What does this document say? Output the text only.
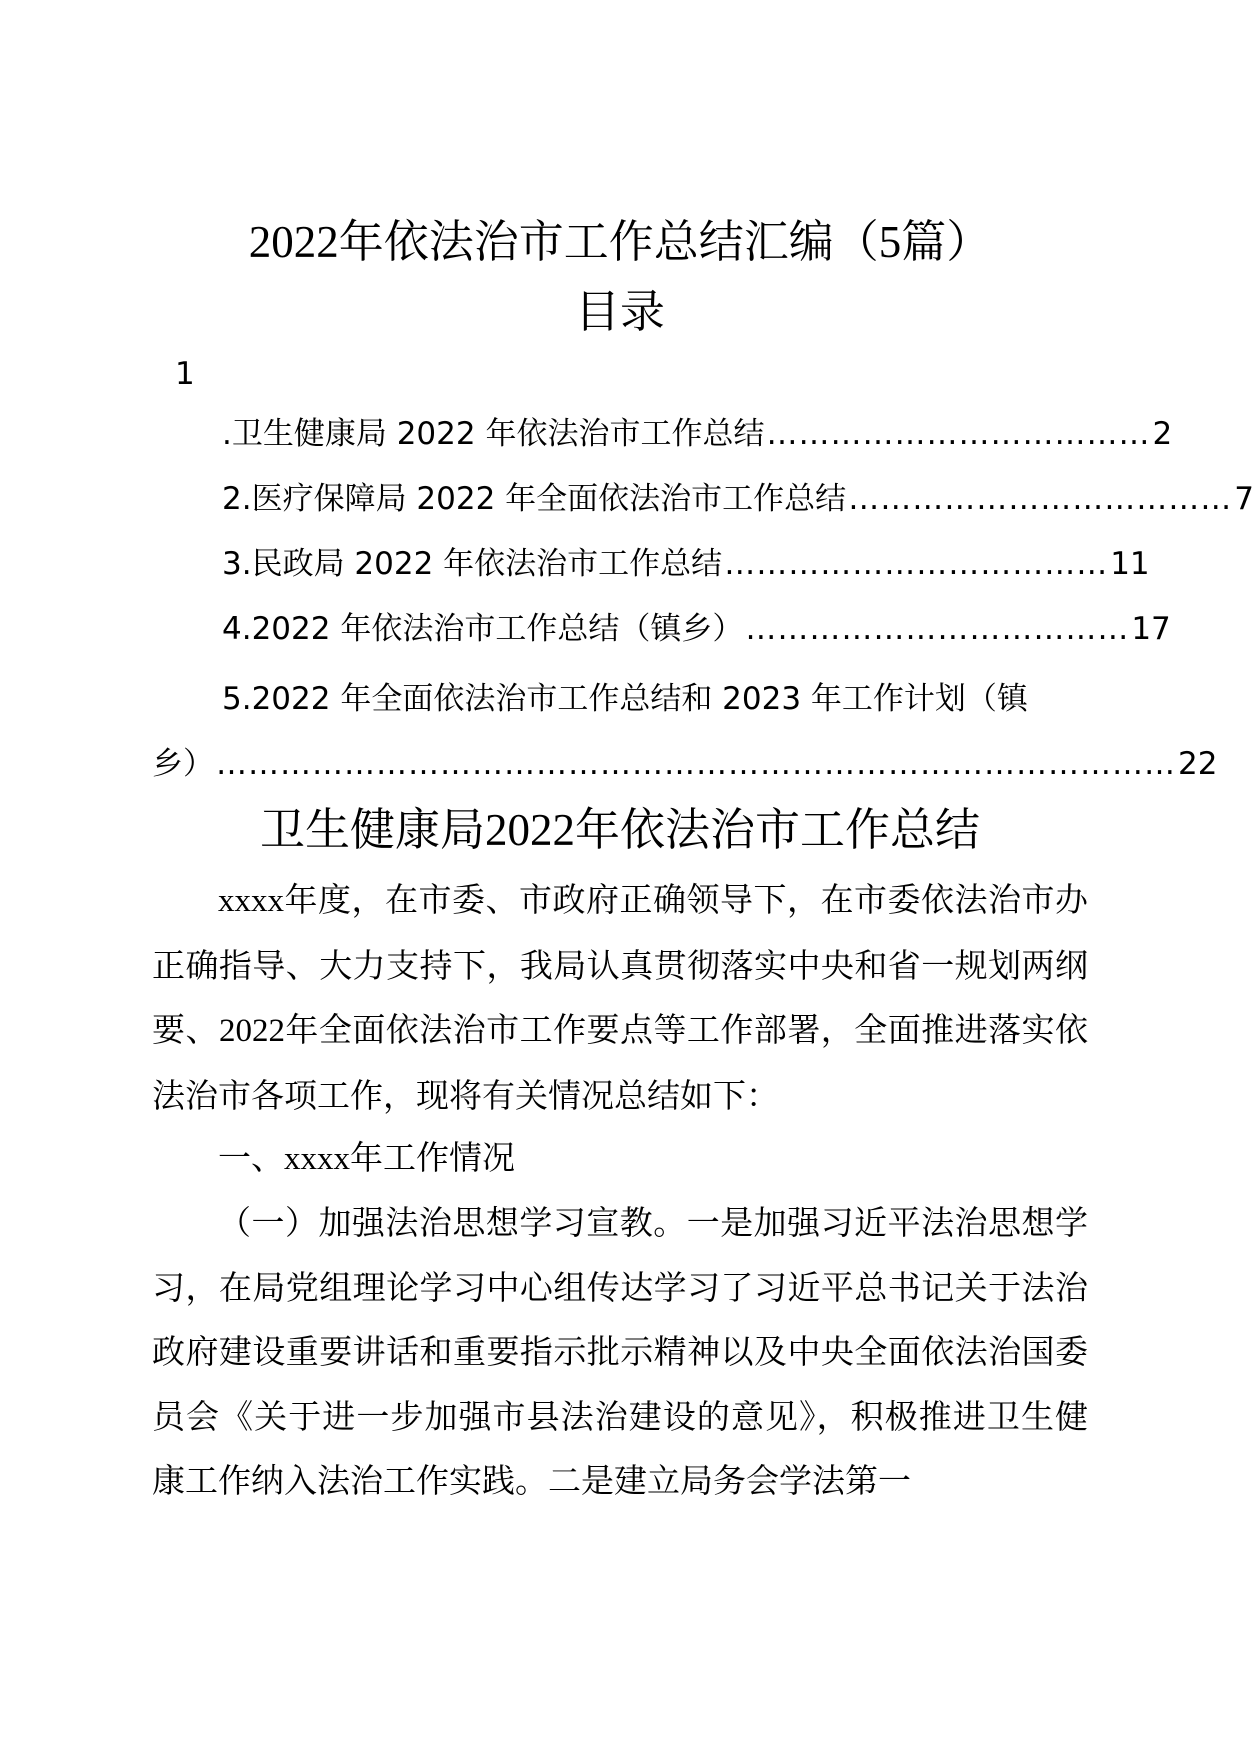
2022年依法治市工作总结汇编（5篇）
目录
1
.卫生健康局 2022 年依法治市工作总结 ……………………………… 2
2.医疗保障局 2022 年全面依法治市工作总结 ……………………………… 7
3.民政局 2022 年依法治市工作总结 ……………………………… 11
4.2022 年依法治市工作总结（镇乡） ……………………………… 17
5.2022 年全面依法治市工作总结和 2023 年工作计划（镇
乡） ……………………………………………………………………………… 22
卫生健康局2022年依法治市工作总结

xxxx年度，在市委、市政府正确领导下，在市委依法治市办正确指导、大力支持下，我局认真贯彻落实中央和省一规划两纲要、2022年全面依法治市工作要点等工作部署，全面推进落实依法治市各项工作，现将有关情况总结如下：

一、xxxx年工作情况

（一）加强法治思想学习宣教。一是加强习近平法治思想学习，在局党组理论学习中心组传达学习了习近平总书记关于法治政府建设重要讲话和重要指示批示精神以及中央全面依法治国委员会《关于进一步加强市县法治建设的意见》，积极推进卫生健康工作纳入法治工作实践。二是建立局务会学法第一
